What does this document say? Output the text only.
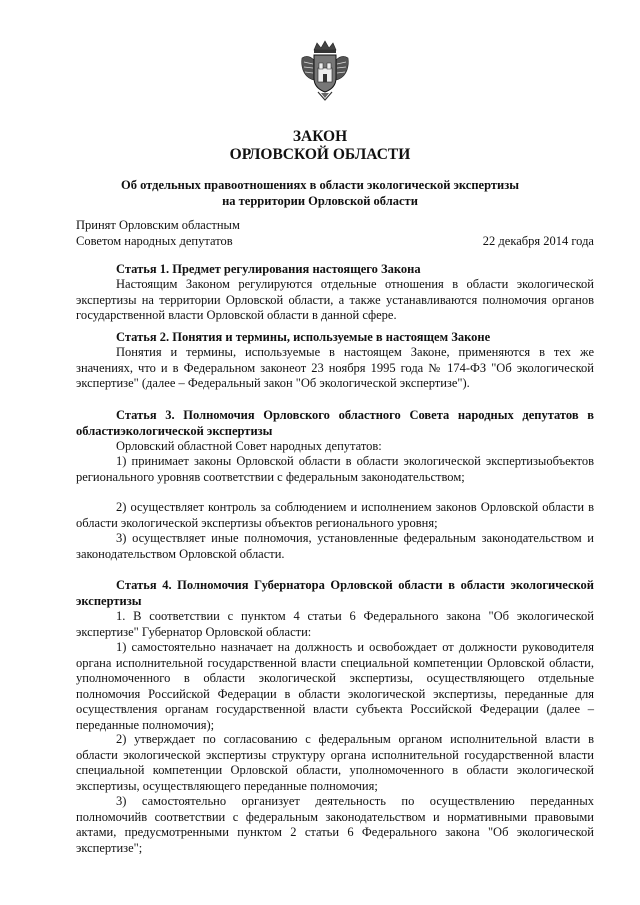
ЗАКОН
ОРЛОВСКОЙ ОБЛАСТИ
Об отдельных правоотношениях в области экологической экспертизы
на территории Орловской области
Принят Орловским областным
Советом народных депутатов	22 декабря 2014 года
Статья 1. Предмет регулирования настоящего Закона
Настоящим Законом регулируются отдельные отношения в области экологической экспертизы на территории Орловской области, а также устанавливаются полномочия органов государственной власти Орловской области в данной сфере.
Статья 2. Понятия и термины, используемые в настоящем Законе
Понятия и термины, используемые в настоящем Законе, применяются в тех же значениях, что и в Федеральном законеот 23 ноября 1995 года № 174-ФЗ "Об экологической экспертизе" (далее – Федеральный закон "Об экологической экспертизе").
Статья 3. Полномочия Орловского областного Совета народных депутатов в областиэкологической экспертизы
Орловский областной Совет народных депутатов:
1) принимает законы Орловской области в области экологической экспертизыобъектов регионального уровняв соответствии с федеральным законодательством;
2) осуществляет контроль за соблюдением и исполнением законов Орловской области в области экологической экспертизы объектов регионального уровня;
3) осуществляет иные полномочия, установленные федеральным законодательством и законодательством Орловской области.
Статья 4. Полномочия Губернатора Орловской области в области экологической экспертизы
1. В соответствии с пунктом 4 статьи 6 Федерального закона "Об экологической экспертизе" Губернатор Орловской области:
1) самостоятельно назначает на должность и освобождает от должности руководителя органа исполнительной государственной власти специальной компетенции Орловской области, уполномоченного в области экологической экспертизы, осуществляющего отдельные полномочия Российской Федерации в области экологической экспертизы, переданные для осуществления органам государственной власти субъекта Российской Федерации (далее – переданные полномочия);
2) утверждает по согласованию с федеральным органом исполнительной власти в области экологической экспертизы структуру органа исполнительной государственной власти специальной компетенции Орловской области, уполномоченного в области экологической экспертизы, осуществляющего переданные полномочия;
3) самостоятельно организует деятельность по осуществлению переданных полномочийв соответствии с федеральным законодательством и нормативными правовыми актами, предусмотренными пунктом 2 статьи 6 Федерального закона "Об экологической экспертизе";
